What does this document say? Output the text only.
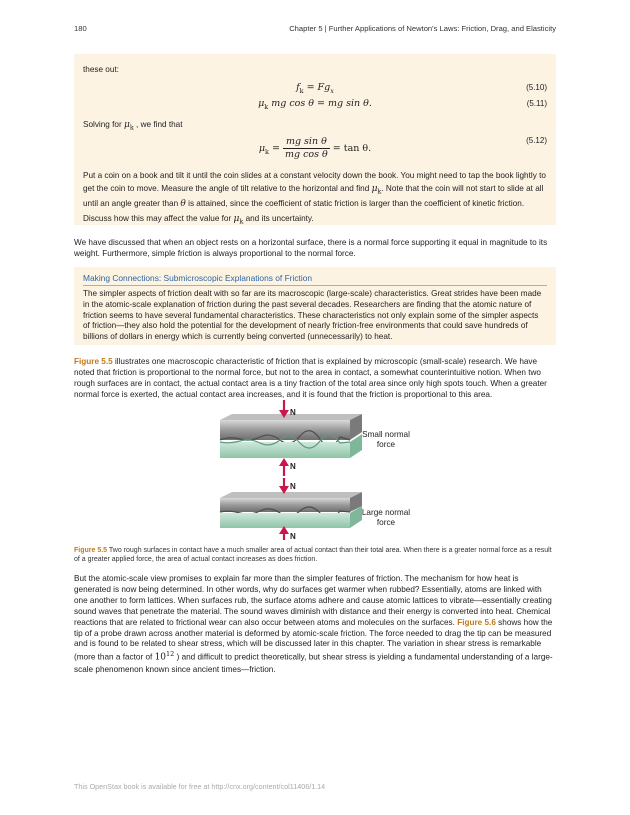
180	Chapter 5 | Further Applications of Newton's Laws: Friction, Drag, and Elasticity

these out:

$f_k = Fg_x$	(5.10)
$\mu_k$ mg cos θ = mg sin θ.	(5.11)

Solving for $\mu_k$ , we find that

$\mu_k = \frac{\text{mg sin θ}}{\text{mg cos θ}} = \tan \theta$.
(5.12)

Put a coin on a book and tilt it until the coin slides at a constant velocity down the book. You might need to tap the book lightly to get the coin to move. Measure the angle of tilt relative to the horizontal and find $\mu_k$. Note that the coin will not start to slide at all until an angle greater than θ is attained, since the coefficient of static friction is larger than the coefficient of kinetic friction. Discuss how this may affect the value for $\mu_k$ and its uncertainty.

We have discussed that when an object rests on a horizontal surface, there is a normal force supporting it equal in magnitude to its weight. Furthermore, simple friction is always proportional to the normal force.

Making Connections: Submicroscopic Explanations of Friction
The simpler aspects of friction dealt with so far are its macroscopic (large-scale) characteristics. Great strides have been made in the atomic-scale explanation of friction during the past several decades. Researchers are finding that the atomic nature of friction seems to have several fundamental characteristics. These characteristics not only explain some of the simpler aspects of friction—they also hold the potential for the development of nearly friction-free environments that could save hundreds of billions of dollars in energy which is currently being converted (unnecessarily) to heat.

Figure 5.5 illustrates one macroscopic characteristic of friction that is explained by microscopic (small-scale) research. We have noted that friction is proportional to the normal force, but not to the area in contact, a somewhat counterintuitive notion. When two rough surfaces are in contact, the actual contact area is a tiny fraction of the total area since only high spots touch. When a greater normal force is exerted, the actual contact area increases, and it is found that the friction is proportional to this area.

N
N
Small normal
force
N
N
Large normal
force

Figure 5.5 Two rough surfaces in contact have a much smaller area of actual contact than their total area. When there is a greater normal force as a result of a greater applied force, the area of actual contact increases as does friction.

But the atomic-scale view promises to explain far more than the simpler features of friction. The mechanism for how heat is generated is now being determined. In other words, why do surfaces get warmer when rubbed? Essentially, atoms are linked with one another to form lattices. When surfaces rub, the surface atoms adhere and cause atomic lattices to vibrate—essentially creating sound waves that penetrate the material. The sound waves diminish with distance and their energy is converted into heat. Chemical reactions that are related to frictional wear can also occur between atoms and molecules on the surfaces. Figure 5.6 shows how the tip of a probe drawn across another material is deformed by atomic-scale friction. The force needed to drag the tip can be measured and is found to be related to shear stress, which will be discussed later in this chapter. The variation in shear stress is remarkable (more than a factor of $10^{12}$ ) and difficult to predict theoretically, but shear stress is yielding a fundamental understanding of a large-scale phenomenon known since ancient times—friction.

This OpenStax book is available for free at http://cnx.org/content/col11406/1.14
